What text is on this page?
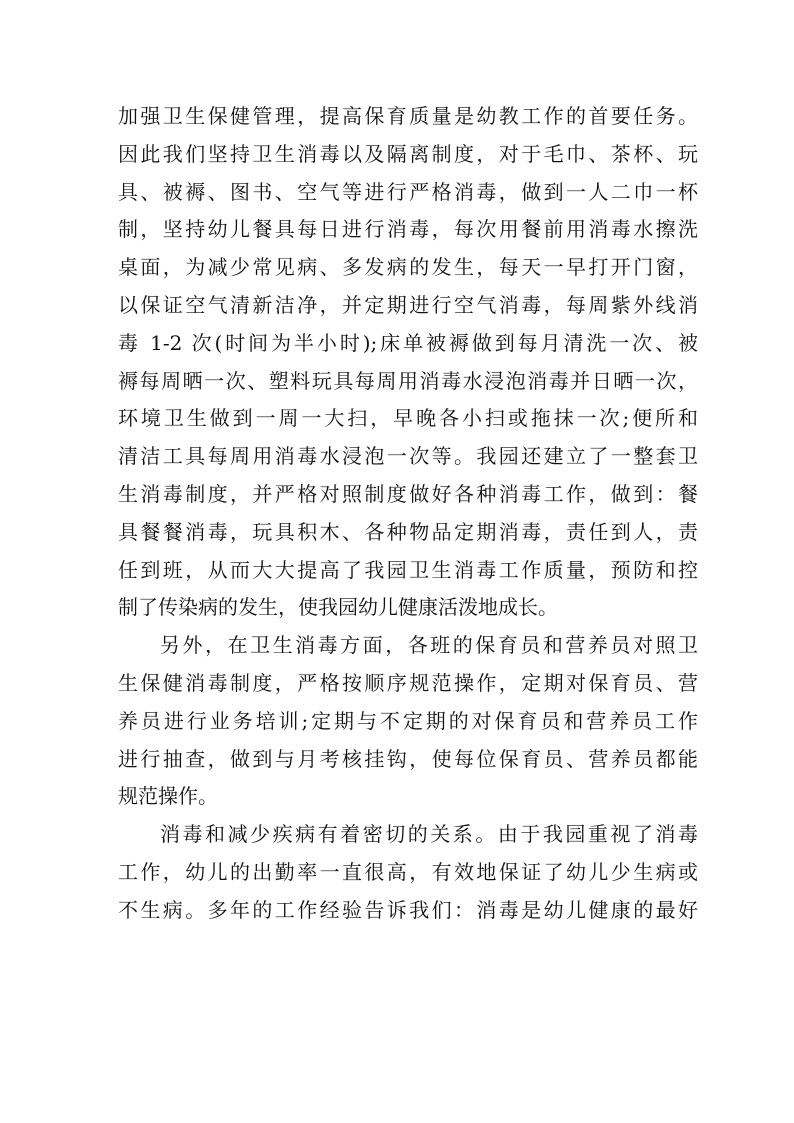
加强卫生保健管理，提高保育质量是幼教工作的首要任务。
因此我们坚持卫生消毒以及隔离制度，对于毛巾、茶杯、玩
具、被褥、图书、空气等进行严格消毒，做到一人二巾一杯
制，坚持幼儿餐具每日进行消毒，每次用餐前用消毒水擦洗
桌面，为减少常见病、多发病的发生，每天一早打开门窗，
以保证空气清新洁净，并定期进行空气消毒，每周紫外线消
毒 1-2 次(时间为半小时);床单被褥做到每月清洗一次、被
褥每周晒一次、塑料玩具每周用消毒水浸泡消毒并日晒一次，
环境卫生做到一周一大扫，早晚各小扫或拖抹一次;便所和
清洁工具每周用消毒水浸泡一次等。我园还建立了一整套卫
生消毒制度，并严格对照制度做好各种消毒工作，做到：餐
具餐餐消毒，玩具积木、各种物品定期消毒，责任到人，责
任到班，从而大大提高了我园卫生消毒工作质量，预防和控
制了传染病的发生，使我园幼儿健康活泼地成长。
另外，在卫生消毒方面，各班的保育员和营养员对照卫
生保健消毒制度，严格按顺序规范操作，定期对保育员、营
养员进行业务培训;定期与不定期的对保育员和营养员工作
进行抽查，做到与月考核挂钩，使每位保育员、营养员都能
规范操作。
消毒和减少疾病有着密切的关系。由于我园重视了消毒
工作，幼儿的出勤率一直很高，有效地保证了幼儿少生病或
不生病。多年的工作经验告诉我们：消毒是幼儿健康的最好
